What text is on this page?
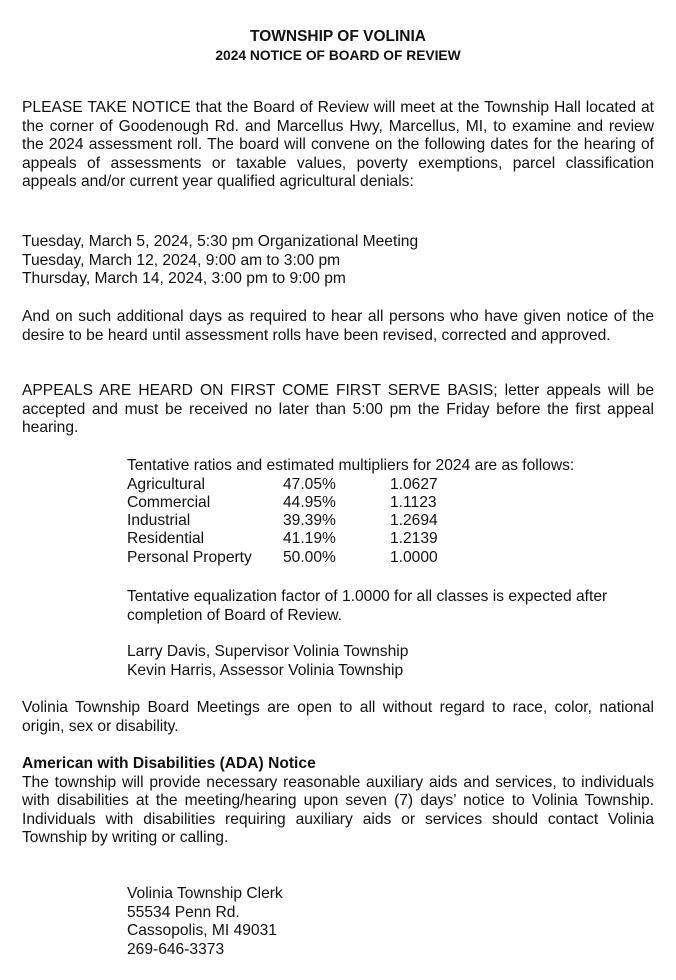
TOWNSHIP OF VOLINIA
2024 NOTICE OF BOARD OF REVIEW

PLEASE TAKE NOTICE that the Board of Review will meet at the Township Hall located at the corner of Goodenough Rd. and Marcellus Hwy, Marcellus, MI, to examine and review the 2024 assessment roll. The board will convene on the following dates for the hearing of appeals of assessments or taxable values, poverty exemptions, parcel classification appeals and/or current year qualified agricultural denials:

Tuesday, March 5, 2024, 5:30 pm Organizational Meeting

Tuesday, March 12, 2024, 9:00 am to 3:00 pm

Thursday, March 14, 2024, 3:00 pm to 9:00 pm

And on such additional days as required to hear all persons who have given notice of the desire to be heard until assessment rolls have been revised, corrected and approved.

APPEALS ARE HEARD ON FIRST COME FIRST SERVE BASIS; letter appeals will be accepted and must be received no later than 5:00 pm the Friday before the first appeal hearing.

Tentative ratios and estimated multipliers for 2024 are as follows:

Agricultural	47.05%	1.0627
Commercial	44.95%	1.1123
Industrial	39.39%	1.2694
Residential	41.19%	1.2139
Personal Property	50.00%	1.0000

Tentative equalization factor of 1.0000 for all classes is expected after completion of Board of Review.

Larry Davis, Supervisor Volinia Township

Kevin Harris, Assessor Volinia Township

Volinia Township Board Meetings are open to all without regard to race, color, national origin, sex or disability.

American with Disabilities (ADA) Notice

The township will provide necessary reasonable auxiliary aids and services, to individuals with disabilities at the meeting/hearing upon seven (7) days’ notice to Volinia Township. Individuals with disabilities requiring auxiliary aids or services should contact Volinia Township by writing or calling.

Volinia Township Clerk

55534 Penn Rd.

Cassopolis, MI 49031

269-646-3373
